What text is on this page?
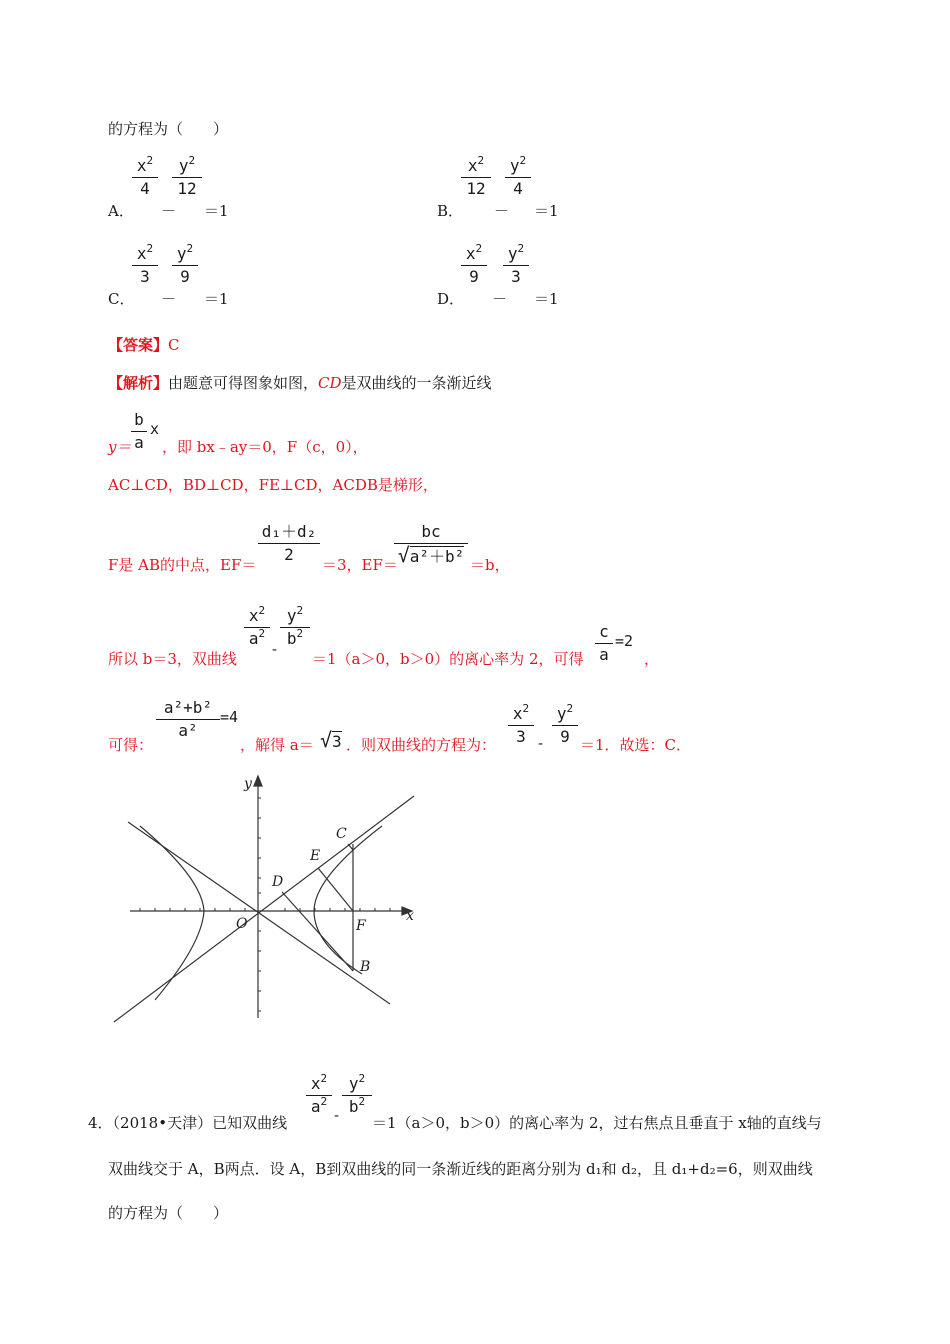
的方程为（　　）
A．
$\frac{x^2}{4} \frac{y^2}{12}$
－ ＝1	B．
$\frac{x^2}{12} \frac{y^2}{4}$
－ ＝1
C．
$\frac{x^2}{3} \frac{y^2}{9}$
－ ＝1	D．
$\frac{x^2}{9} \frac{y^2}{3}$
－ ＝1
【答案】C
【解析】由题意可得图象如图，CD是双曲线的一条渐近线
$y= \frac{b}{a}$ x
，即 bx﹣ay＝0，F（c，0），
AC⊥CD，BD⊥CD，FE⊥CD，ACDB是梯形，
F是 AB的中点，$EF= \frac{\text{d₁＋d₂}}{2} =3$，EF＝
$\frac{bc}{\text{√a²＋b²}} =b$，
所以 b＝3，双曲线
$\frac{x^2}{a^2} - \frac{y^2}{b^2}$
＝1（a＞0，b＞0）的离心率为 2，可得 $\frac{c}{a} =2$
，
可得：
$\frac{\text{a²+b²}}{\text{a²}} =4$
，解得 a＝ √3 ．则双曲线的方程为： $\frac{x^2}{3} - \frac{y^2}{9} =1$．故选：C．
y
x
O
C
E
D
F
B
4．（2018•天津）已知双曲线
$\frac{x^2}{a^2} - \frac{y^2}{b^2}$
＝1（a＞0，b＞0）的离心率为 2，过右焦点且垂直于 x轴的直线与
双曲线交于 A，B两点．设 A，B到双曲线的同一条渐近线的距离分别为 d₁和 d₂，且 d₁+d₂=6，则双曲线
的方程为（　　）
